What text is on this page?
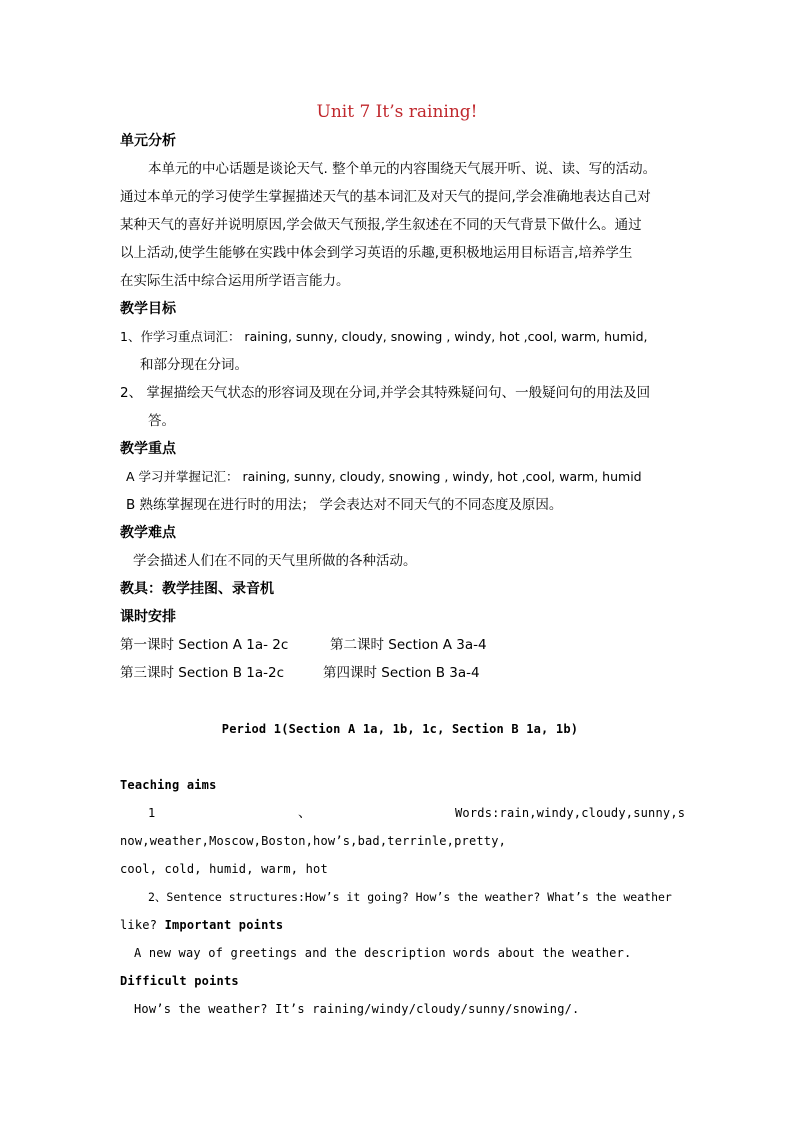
Unit 7 It’s raining!
单元分析
本单元的中心话题是谈论天气. 整个单元的内容围绕天气展开听、说、读、写的活动。
通过本单元的学习使学生掌握描述天气的基本词汇及对天气的提问,学会准确地表达自己对
某种天气的喜好并说明原因,学会做天气预报,学生叙述在不同的天气背景下做什么。通过
以上活动,使学生能够在实践中体会到学习英语的乐趣,更积极地运用目标语言,培养学生
在实际生活中综合运用所学语言能力。
教学目标
1、作学习重点词汇： raining, sunny, cloudy, snowing , windy, hot ,cool, warm, humid,
和部分现在分词。
2、 掌握描绘天气状态的形容词及现在分词,并学会其特殊疑问句、一般疑问句的用法及回
答。
教学重点
A 学习并掌握记汇： raining, sunny, cloudy, snowing , windy, hot ,cool, warm, humid
B 熟练掌握现在进行时的用法； 学会表达对不同天气的不同态度及原因。
教学难点
学会描述人们在不同的天气里所做的各种活动。
教具：教学挂图、录音机
课时安排
第一课时 Section A 1a- 2c	第二课时 Section A 3a-4
第三课时 Section B 1a-2c	第四课时 Section B 3a-4
Period 1(Section A 1a, 1b, 1c, Section B 1a, 1b)
Teaching aims
1	、	Words:rain,windy,cloudy,sunny,s
now,weather,Moscow,Boston,how’s,bad,terrinle,pretty,
cool, cold, humid, warm, hot
2、Sentence structures:How’s it going? How’s the weather? What’s the weather
like? Important points
A new way of greetings and the description words about the weather.
Difficult points
How’s the weather? It’s raining/windy/cloudy/sunny/snowing/.
